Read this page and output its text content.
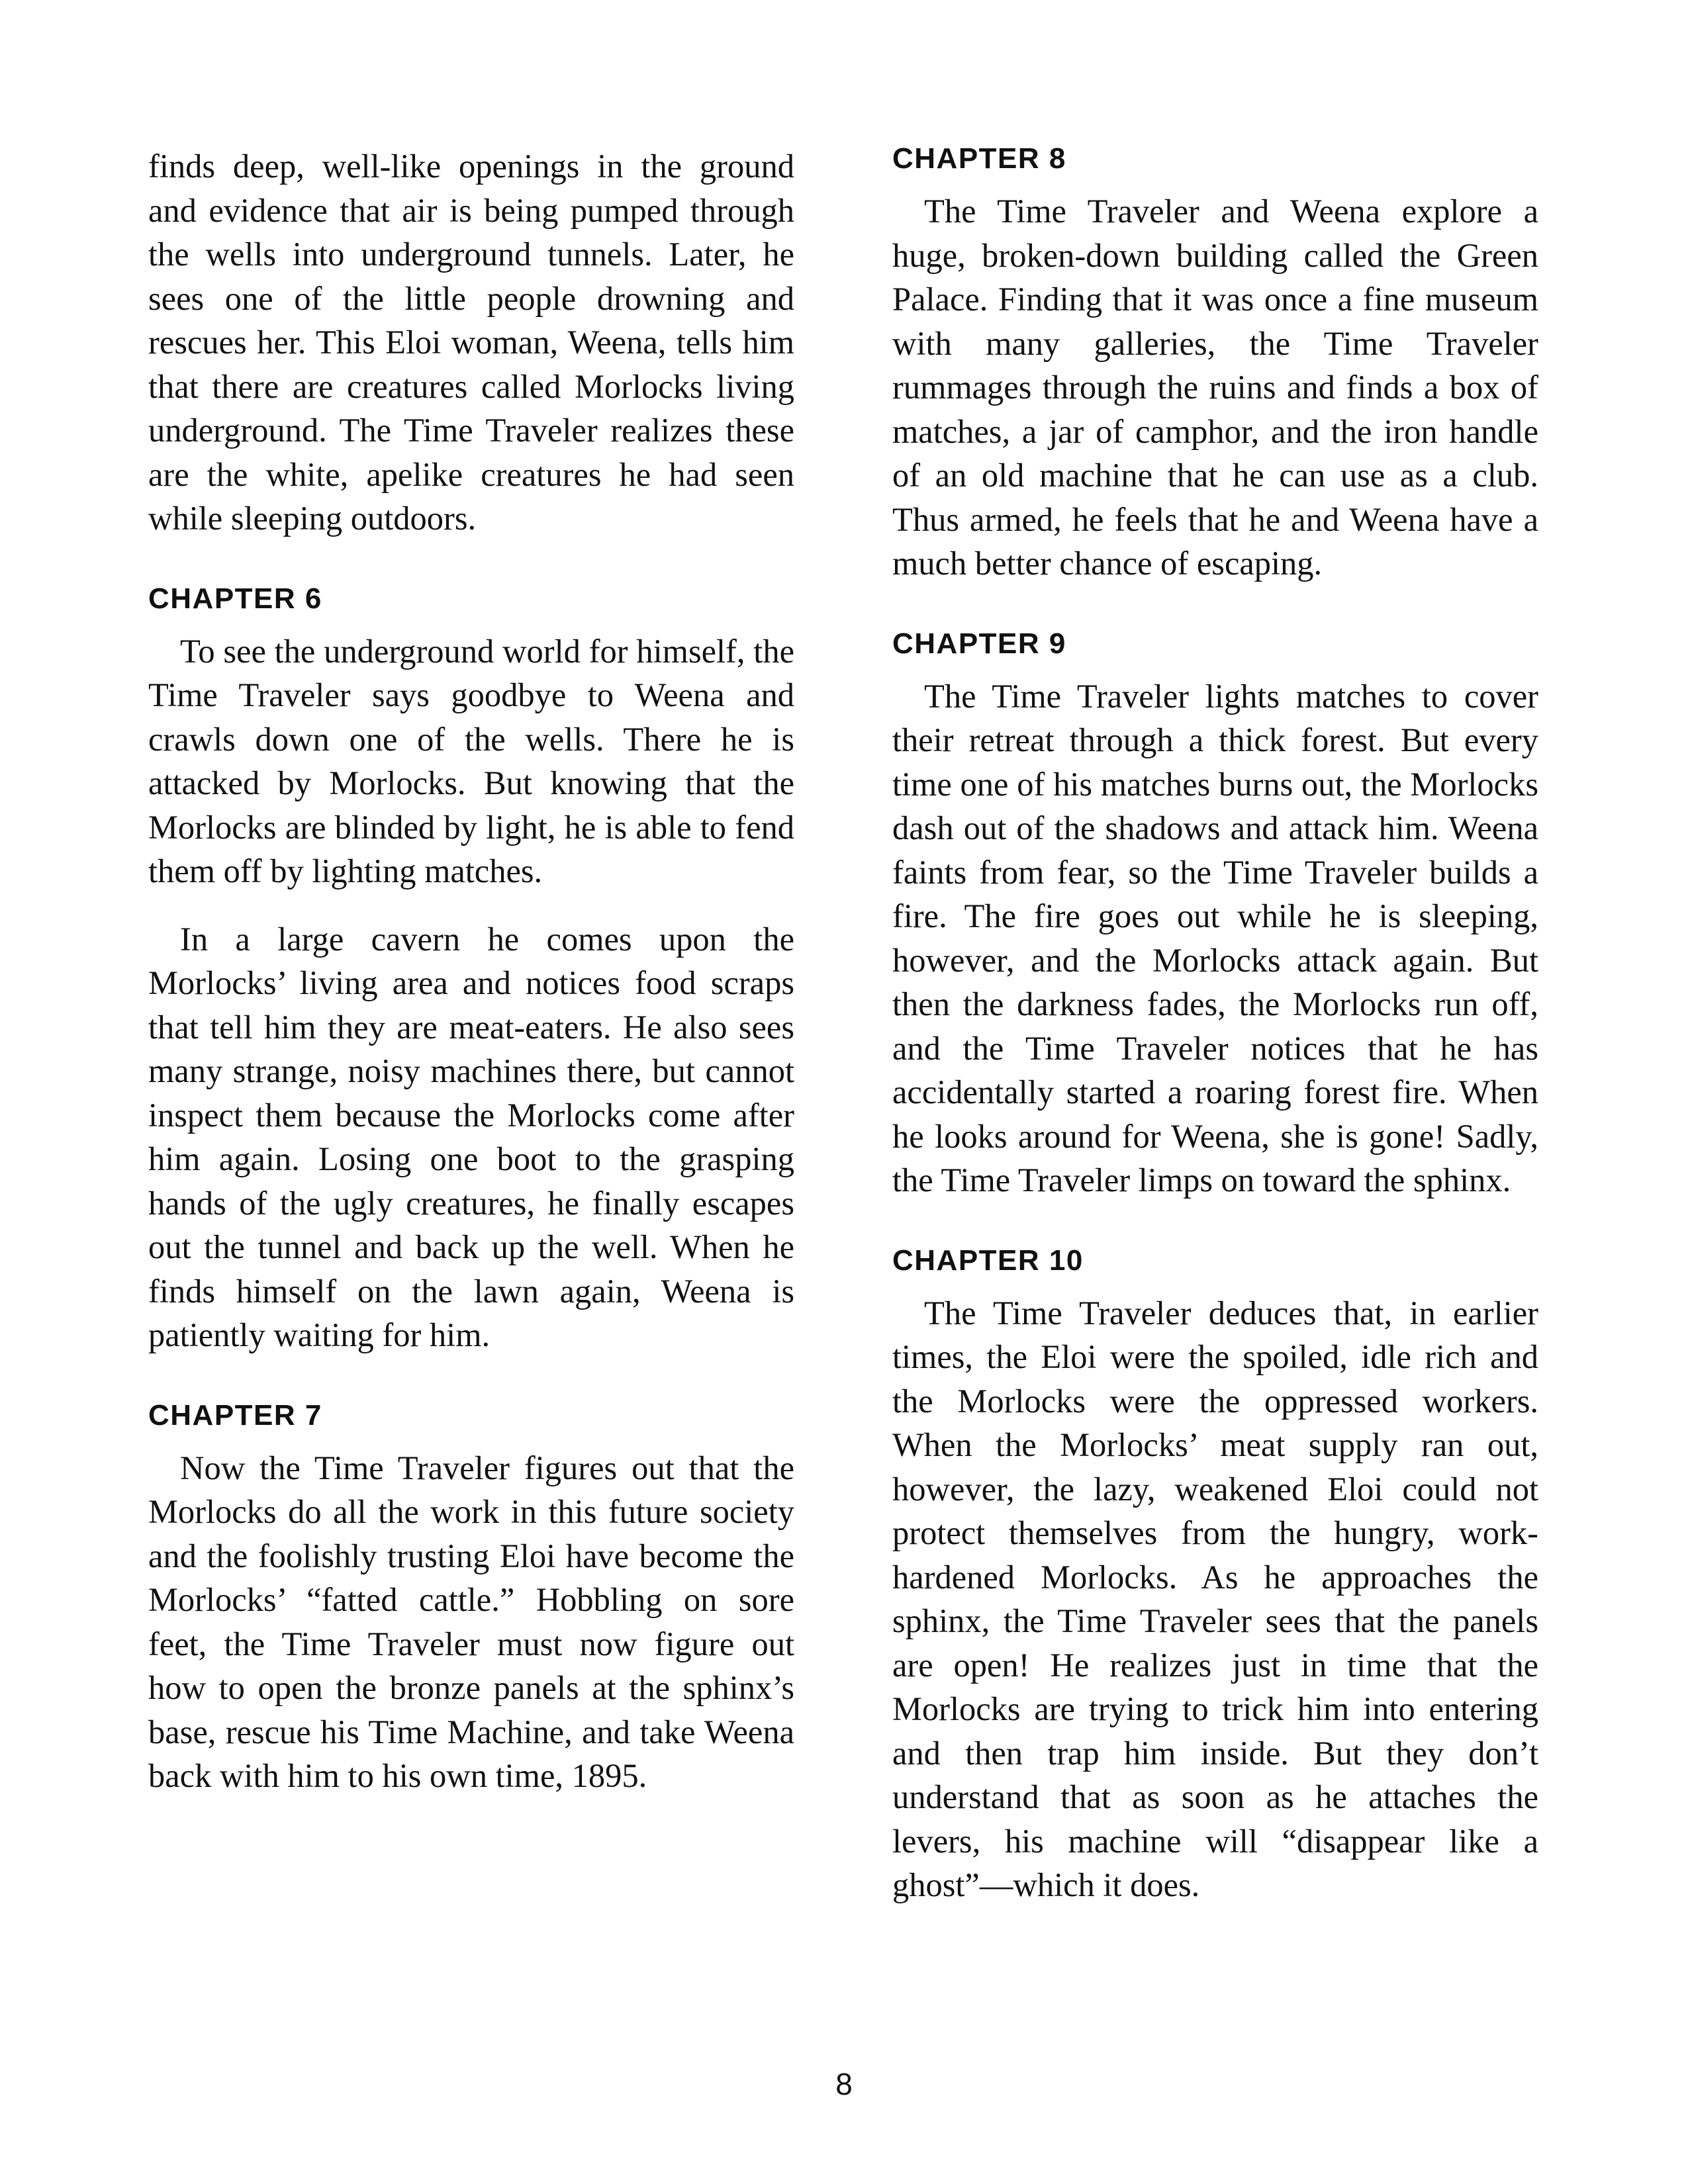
finds deep, well-like openings in the ground and evidence that air is being pumped through the wells into underground tunnels. Later, he sees one of the little people drowning and rescues her. This Eloi woman, Weena, tells him that there are creatures called Morlocks living underground. The Time Traveler realizes these are the white, apelike creatures he had seen while sleeping outdoors.

CHAPTER 6

To see the underground world for himself, the Time Traveler says goodbye to Weena and crawls down one of the wells. There he is attacked by Morlocks. But knowing that the Morlocks are blinded by light, he is able to fend them off by lighting matches.

In a large cavern he comes upon the Morlocks’ living area and notices food scraps that tell him they are meat-eaters. He also sees many strange, noisy machines there, but cannot inspect them because the Morlocks come after him again. Losing one boot to the grasping hands of the ugly creatures, he finally escapes out the tunnel and back up the well. When he finds himself on the lawn again, Weena is patiently waiting for him.

CHAPTER 7

Now the Time Traveler figures out that the Morlocks do all the work in this future society and the foolishly trusting Eloi have become the Morlocks’ “fatted cattle.” Hobbling on sore feet, the Time Traveler must now figure out how to open the bronze panels at the sphinx’s base, rescue his Time Machine, and take Weena back with him to his own time, 1895.

CHAPTER 8

The Time Traveler and Weena explore a huge, broken-down building called the Green Palace. Finding that it was once a fine museum with many galleries, the Time Traveler rummages through the ruins and finds a box of matches, a jar of camphor, and the iron handle of an old machine that he can use as a club. Thus armed, he feels that he and Weena have a much better chance of escaping.

CHAPTER 9

The Time Traveler lights matches to cover their retreat through a thick forest. But every time one of his matches burns out, the Morlocks dash out of the shadows and attack him. Weena faints from fear, so the Time Traveler builds a fire. The fire goes out while he is sleeping, however, and the Morlocks attack again. But then the darkness fades, the Morlocks run off, and the Time Traveler notices that he has accidentally started a roaring forest fire. When he looks around for Weena, she is gone! Sadly, the Time Traveler limps on toward the sphinx.

CHAPTER 10

The Time Traveler deduces that, in earlier times, the Eloi were the spoiled, idle rich and the Morlocks were the oppressed workers. When the Morlocks’ meat supply ran out, however, the lazy, weakened Eloi could not protect themselves from the hungry, work-hardened Morlocks. As he approaches the sphinx, the Time Traveler sees that the panels are open! He realizes just in time that the Morlocks are trying to trick him into entering and then trap him inside. But they don’t understand that as soon as he attaches the levers, his machine will “disappear like a ghost”—which it does.

8
